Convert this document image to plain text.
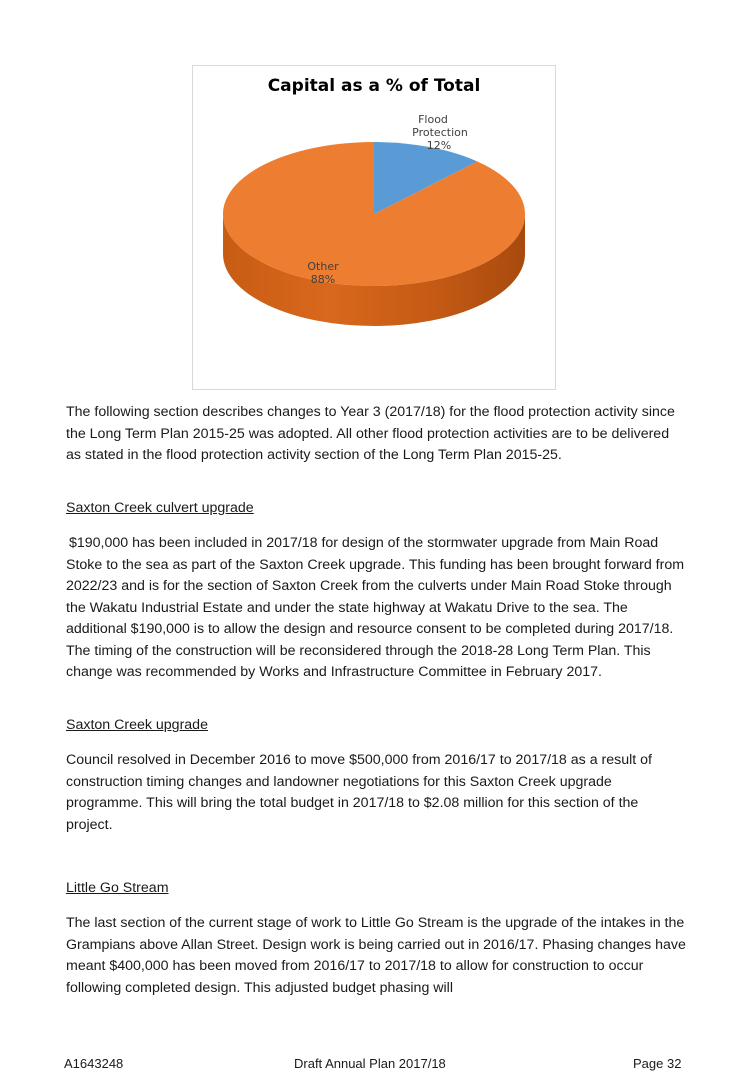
Capital as a % of Total
Flood
Protection
12%
Other
88%

The following section describes changes to Year 3 (2017/18) for the flood protection activity since the Long Term Plan 2015-25 was adopted. All other flood protection activities are to be delivered as stated in the flood protection activity section of the Long Term Plan 2015-25.

Saxton Creek culvert upgrade

$190,000 has been included in 2017/18 for design of the stormwater upgrade from Main Road Stoke to the sea as part of the Saxton Creek upgrade. This funding has been brought forward from 2022/23 and is for the section of Saxton Creek from the culverts under Main Road Stoke through the Wakatu Industrial Estate and under the state highway at Wakatu Drive to the sea. The additional $190,000 is to allow the design and resource consent to be completed during 2017/18. The timing of the construction will be reconsidered through the 2018-28 Long Term Plan. This change was recommended by Works and Infrastructure Committee in February 2017.

Saxton Creek upgrade

Council resolved in December 2016 to move $500,000 from 2016/17 to 2017/18 as a result of construction timing changes and landowner negotiations for this Saxton Creek upgrade programme. This will bring the total budget in 2017/18 to $2.08 million for this section of the project.

Little Go Stream

The last section of the current stage of work to Little Go Stream is the upgrade of the intakes in the Grampians above Allan Street. Design work is being carried out in 2016/17. Phasing changes have meant $400,000 has been moved from 2016/17 to 2017/18 to allow for construction to occur following completed design. This adjusted budget phasing will

A1643248	Draft Annual Plan 2017/18	Page 32
